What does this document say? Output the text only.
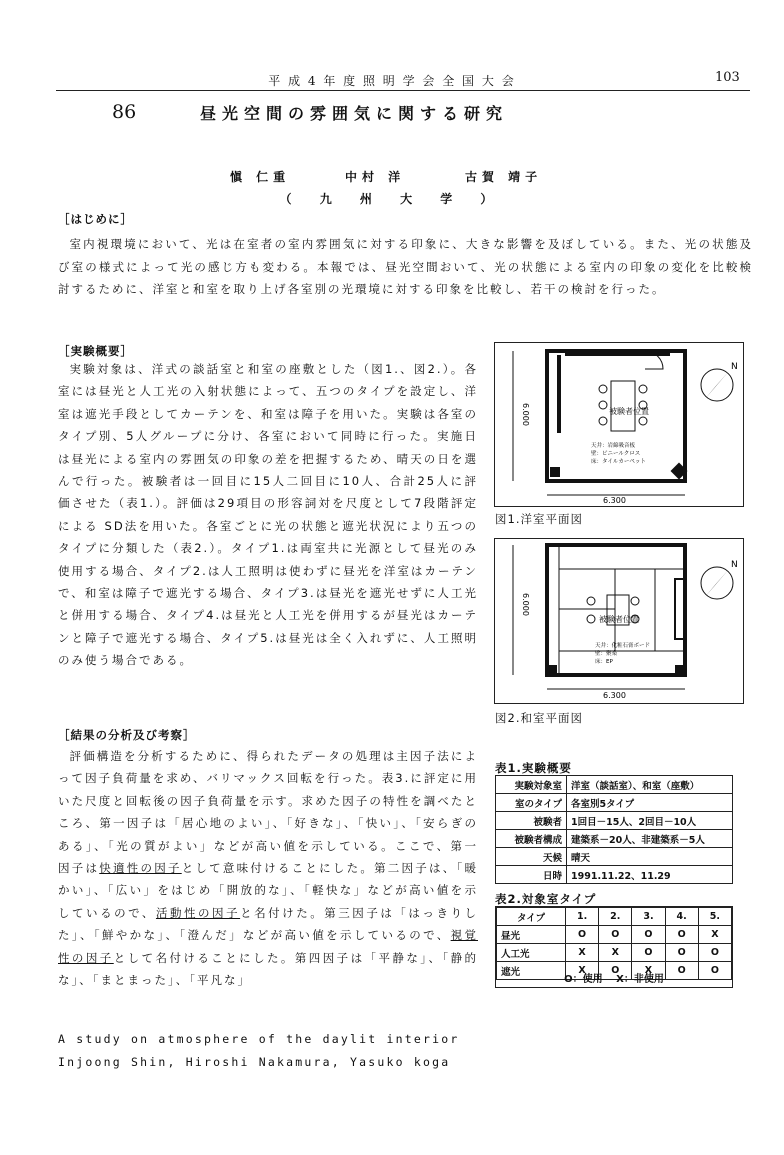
平 成 4 年 度 照 明 学 会 全 国 大 会	103
86	昼光空間の雰囲気に関する研究
愼 仁重	中村 洋	古賀 靖子
（ 九 州 大 学 ）
［はじめに］
室内視環境において、光は在室者の室内雰囲気に対する印象に、大きな影響を及ぼしている。また、光の状態及び室の様式によって光の感じ方も変わる。本報では、昼光空間おいて、光の状態による室内の印象の変化を比較検討するために、洋室と和室を取り上げ各室別の光環境に対する印象を比較し、若干の検討を行った。
［実験概要］
実験対象は、洋式の談話室と和室の座敷とした（図1.、図2.）。各室には昼光と人工光の入射状態によって、五つのタイプを設定し、洋室は遮光手段としてカーテンを、和室は障子を用いた。実験は各室のタイプ別、5人グループに分け、各室において同時に行った。実施日は昼光による室内の雰囲気の印象の差を把握するため、晴天の日を選んで行った。被験者は一回目に15人二回目に10人、合計25人に評価させた（表1.）。評価は29項目の形容詞対を尺度として7段階評定による SD法を用いた。各室ごとに光の状態と遮光状況により五つのタイプに分類した（表2.）。タイプ1.は両室共に光源として昼光のみ使用する場合、タイプ2.は人工照明は使わずに昼光を洋室はカーテンで、和室は障子で遮光する場合、タイプ3.は昼光を遮光せずに人工光と併用する場合、タイプ4.は昼光と人工光を併用するが昼光はカーテンと障子で遮光する場合、タイプ5.は昼光は全く入れずに、人工照明のみ使う場合である。
［結果の分析及び考察］
評価構造を分析するために、得られたデータの処理は主因子法によって因子負荷量を求め、バリマックス回転を行った。表3.に評定に用いた尺度と回転後の因子負荷量を示す。求めた因子の特性を調べたところ、第一因子は「居心地のよい」、「好きな」、「快い」、「安らぎのある」、「光の質がよい」などが高い値を示している。ここで、第一因子は快適性の因子として意味付けることにした。第二因子は、「暖かい」、「広い」をはじめ「開放的な」、「軽快な」などが高い値を示しているので、活動性の因子と名付けた。第三因子は「はっきりした」、「鮮やかな」、「澄んだ」などが高い値を示しているので、視覚性の因子として名付けることにした。第四因子は「平静な」、「静的な」、「まとまった」、「平凡な」
被験者位置
天井：岩綿吸音板
壁：ビニールクロス
床：タイルカーペット
6.000
6.300
N
図1.洋室平面図
被験者位置
天井：化粧石膏ボード
壁：聚楽
床：EP
6.000
6.300
N
図2.和室平面図
表1.実験概要
実験対象室	洋室（談話室）、和室（座敷）
室のタイプ	各室別5タイプ
被験者	1回目－15人、2回目－10人
被験者構成	建築系－20人、非建築系－5人
天候	晴天
日時	1991.11.22、11.29
表2.対象室タイプ
タイプ	1.	2.	3.	4.	5.
昼光	O	O	O	O	X
人工光	X	X	O	O	O
遮光	X	O	X	O	O
O：使用　 X：非使用
A study on atmosphere of the daylit interior
Injoong Shin, Hiroshi Nakamura, Yasuko koga
